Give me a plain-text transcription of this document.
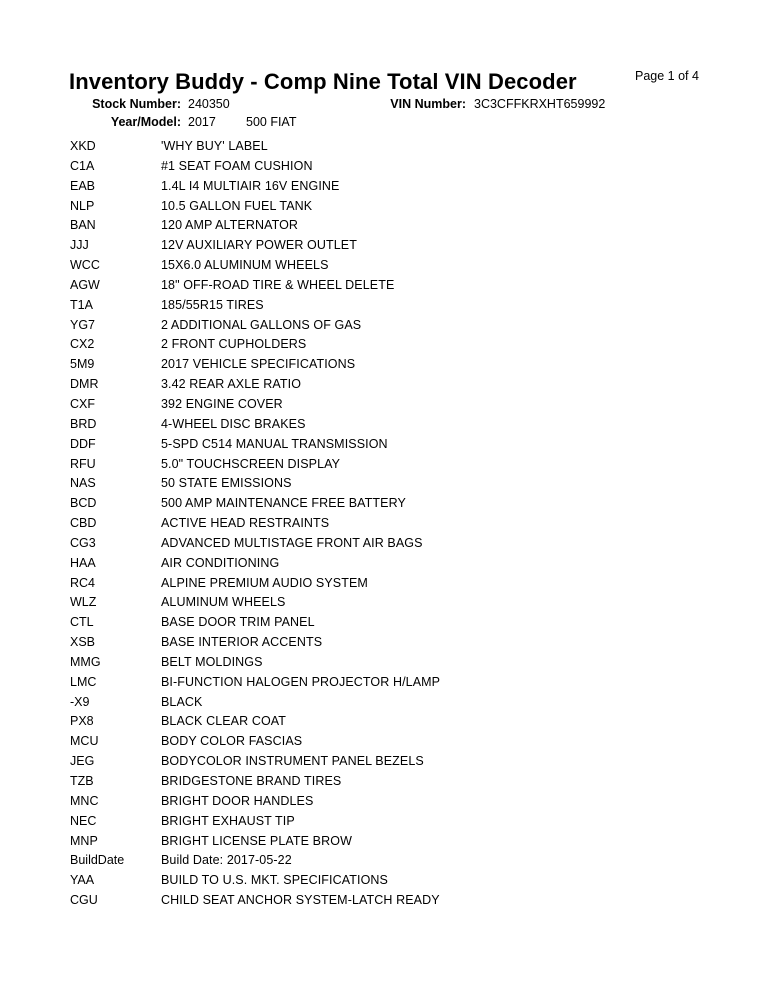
Inventory Buddy - Comp Nine Total VIN Decoder	Page 1 of 4
Stock Number: 240350	VIN Number: 3C3CFFKRXHT659992
Year/Model: 2017 500 FIAT
XKD	'WHY BUY' LABEL
C1A	#1 SEAT FOAM CUSHION
EAB	1.4L I4 MULTIAIR 16V ENGINE
NLP	10.5 GALLON FUEL TANK
BAN	120 AMP ALTERNATOR
JJJ	12V AUXILIARY POWER OUTLET
WCC	15X6.0 ALUMINUM WHEELS
AGW	18" OFF-ROAD TIRE & WHEEL DELETE
T1A	185/55R15 TIRES
YG7	2 ADDITIONAL GALLONS OF GAS
CX2	2 FRONT CUPHOLDERS
5M9	2017 VEHICLE SPECIFICATIONS
DMR	3.42 REAR AXLE RATIO
CXF	392 ENGINE COVER
BRD	4-WHEEL DISC BRAKES
DDF	5-SPD C514 MANUAL TRANSMISSION
RFU	5.0" TOUCHSCREEN DISPLAY
NAS	50 STATE EMISSIONS
BCD	500 AMP MAINTENANCE FREE BATTERY
CBD	ACTIVE HEAD RESTRAINTS
CG3	ADVANCED MULTISTAGE FRONT AIR BAGS
HAA	AIR CONDITIONING
RC4	ALPINE PREMIUM AUDIO SYSTEM
WLZ	ALUMINUM WHEELS
CTL	BASE DOOR TRIM PANEL
XSB	BASE INTERIOR ACCENTS
MMG	BELT MOLDINGS
LMC	BI-FUNCTION HALOGEN PROJECTOR H/LAMP
-X9	BLACK
PX8	BLACK CLEAR COAT
MCU	BODY COLOR FASCIAS
JEG	BODYCOLOR INSTRUMENT PANEL BEZELS
TZB	BRIDGESTONE BRAND TIRES
MNC	BRIGHT DOOR HANDLES
NEC	BRIGHT EXHAUST TIP
MNP	BRIGHT LICENSE PLATE BROW
BuildDate	Build Date: 2017-05-22
YAA	BUILD TO U.S. MKT. SPECIFICATIONS
CGU	CHILD SEAT ANCHOR SYSTEM-LATCH READY
